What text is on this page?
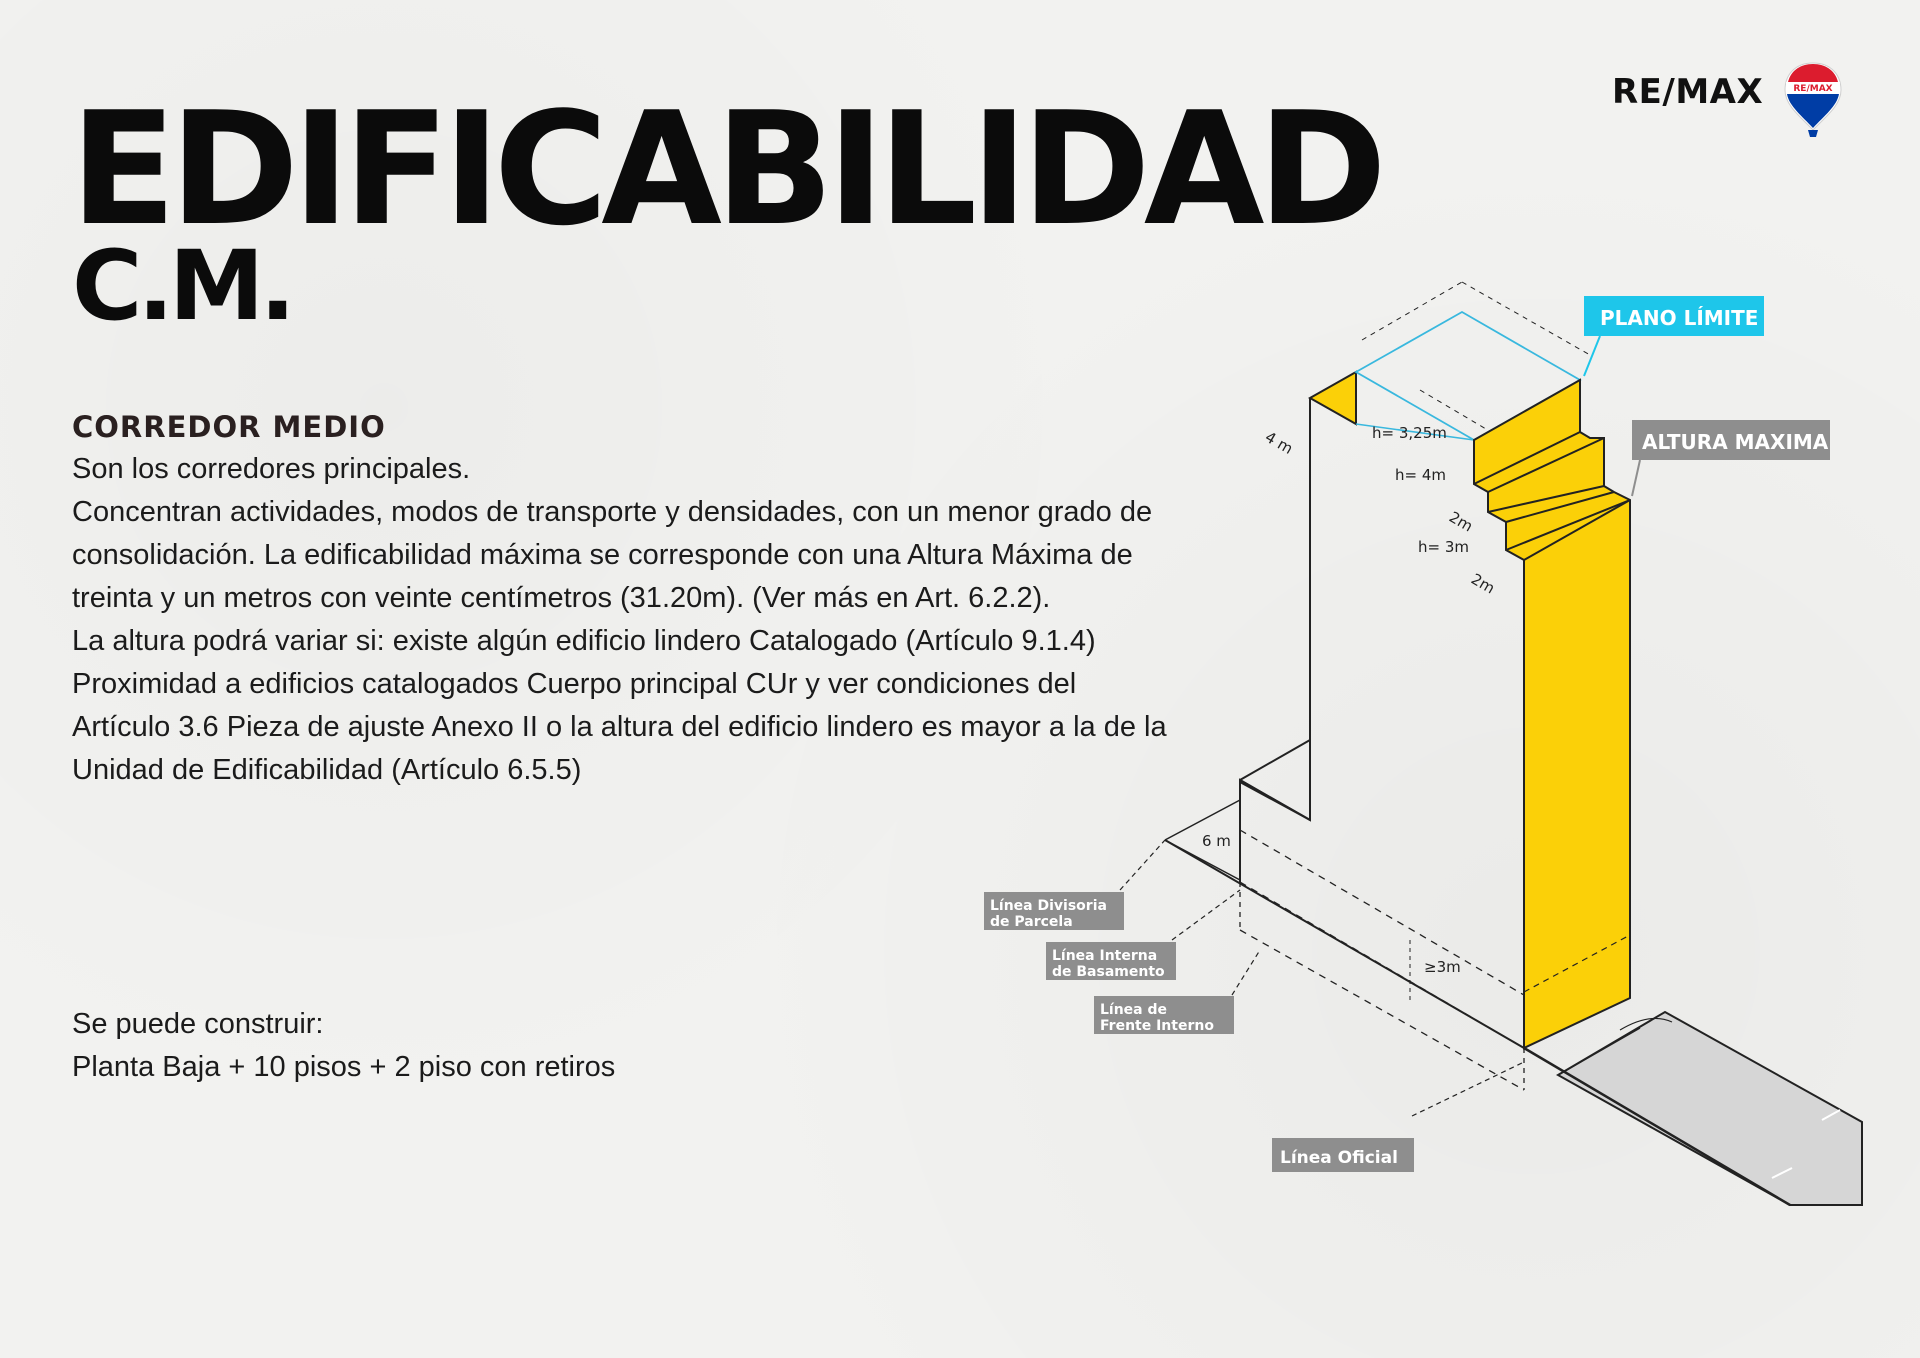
RE/MAX	RE/MAX
EDIFICABILIDAD
C.M.
CORREDOR MEDIO

Son los corredores principales.

Concentran actividades, modos de transporte y densidades, con un menor grado de consolidación. La edificabilidad máxima se corresponde con una Altura Máxima de treinta y un metros con veinte centímetros (31.20m). (Ver más en Art. 6.2.2).

La altura podrá variar si: existe algún edificio lindero Catalogado (Artículo 9.1.4) Proximidad a edificios catalogados Cuerpo principal CUr y ver condiciones del Artículo 3.6 Pieza de ajuste Anexo II o la altura del edificio lindero es mayor a la de la Unidad de Edificabilidad (Artículo 6.5.5)

Se puede construir:

Planta Baja + 10 pisos + 2 piso con retiros

h= 3,25m
h= 4m
2m
h= 3m
2m
4 m
6 m
≥3m
PLANO LÍMITE
ALTURA MAXIMA
Línea Divisoria
de Parcela
Línea Interna
de Basamento
Línea de
Frente Interno
Línea Oficial
